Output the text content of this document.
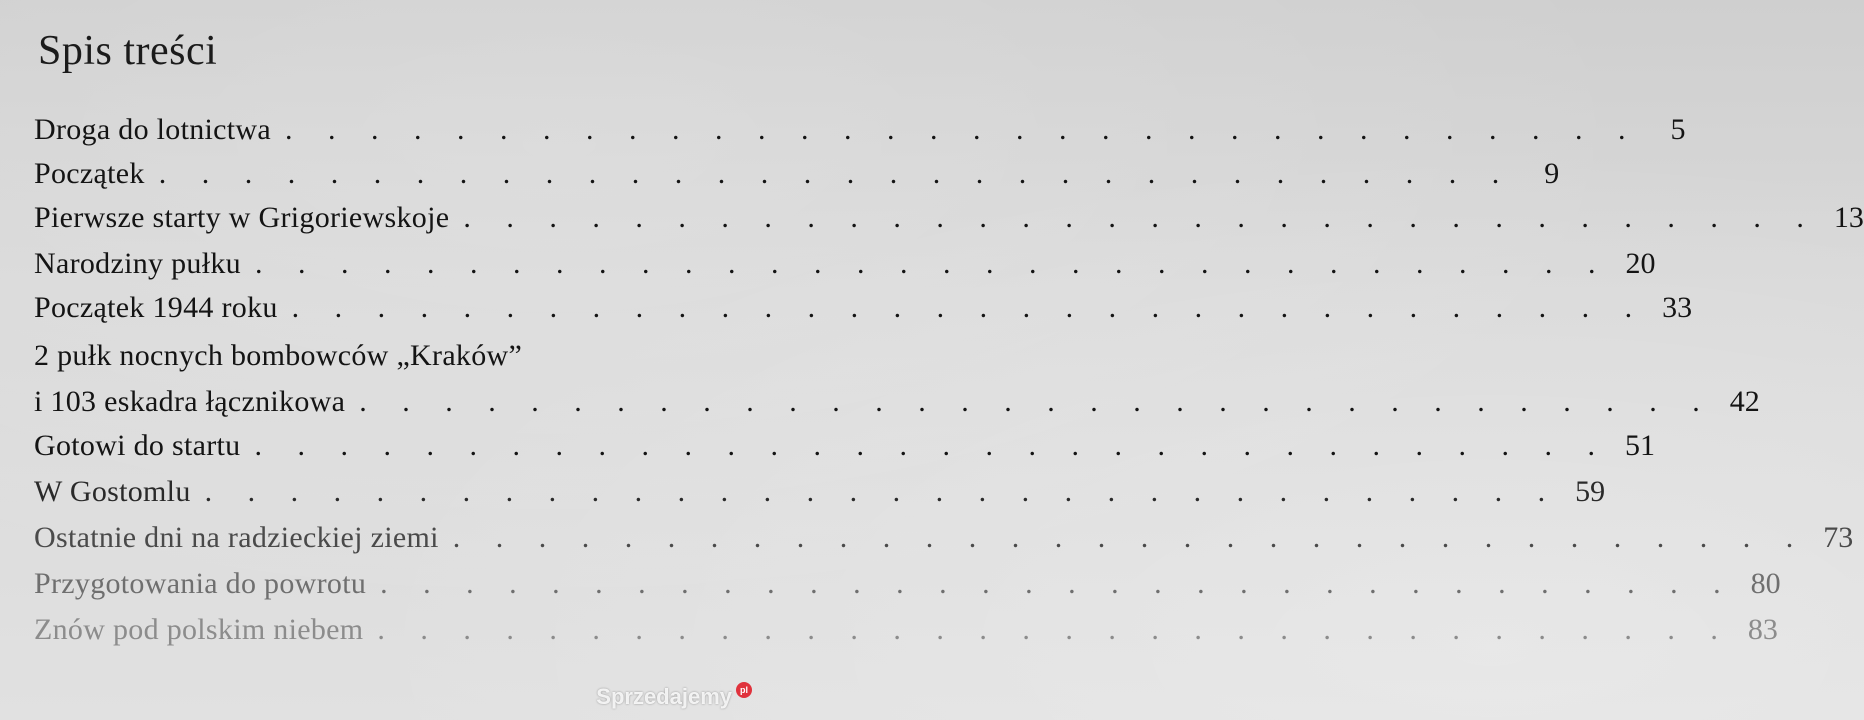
Spis treści
Droga do lotnictwa . . . . . . . . . . . . . . . . . . . . . . . . . . . . . . . .	5
Początek . . . . . . . . . . . . . . . . . . . . . . . . . . . . . . . .	9
Pierwsze starty w Grigoriewskoje . . . . . . . . . . . . . . . . . . . . . . . . . . . . . . . . 13
Narodziny pułku . . . . . . . . . . . . . . . . . . . . . . . . . . . . . . . . 20
Początek 1944 roku . . . . . . . . . . . . . . . . . . . . . . . . . . . . . . . . 33
2 pułk nocnych bombowców „Kraków”
i 103 eskadra łącznikowa . . . . . . . . . . . . . . . . . . . . . . . . . . . . . . . . 42
Gotowi do startu . . . . . . . . . . . . . . . . . . . . . . . . . . . . . . . . 51
W Gostomlu . . . . . . . . . . . . . . . . . . . . . . . . . . . . . . . . 59
Ostatnie dni na radzieckiej ziemi . . . . . . . . . . . . . . . . . . . . . . . . . . . . . . . . 73
Przygotowania do powrotu . . . . . . . . . . . . . . . . . . . . . . . . . . . . . . . . 80
Znów pod polskim niebem . . . . . . . . . . . . . . . . . . . . . . . . . . . . . . . . 83
Sprzedajemy pl
